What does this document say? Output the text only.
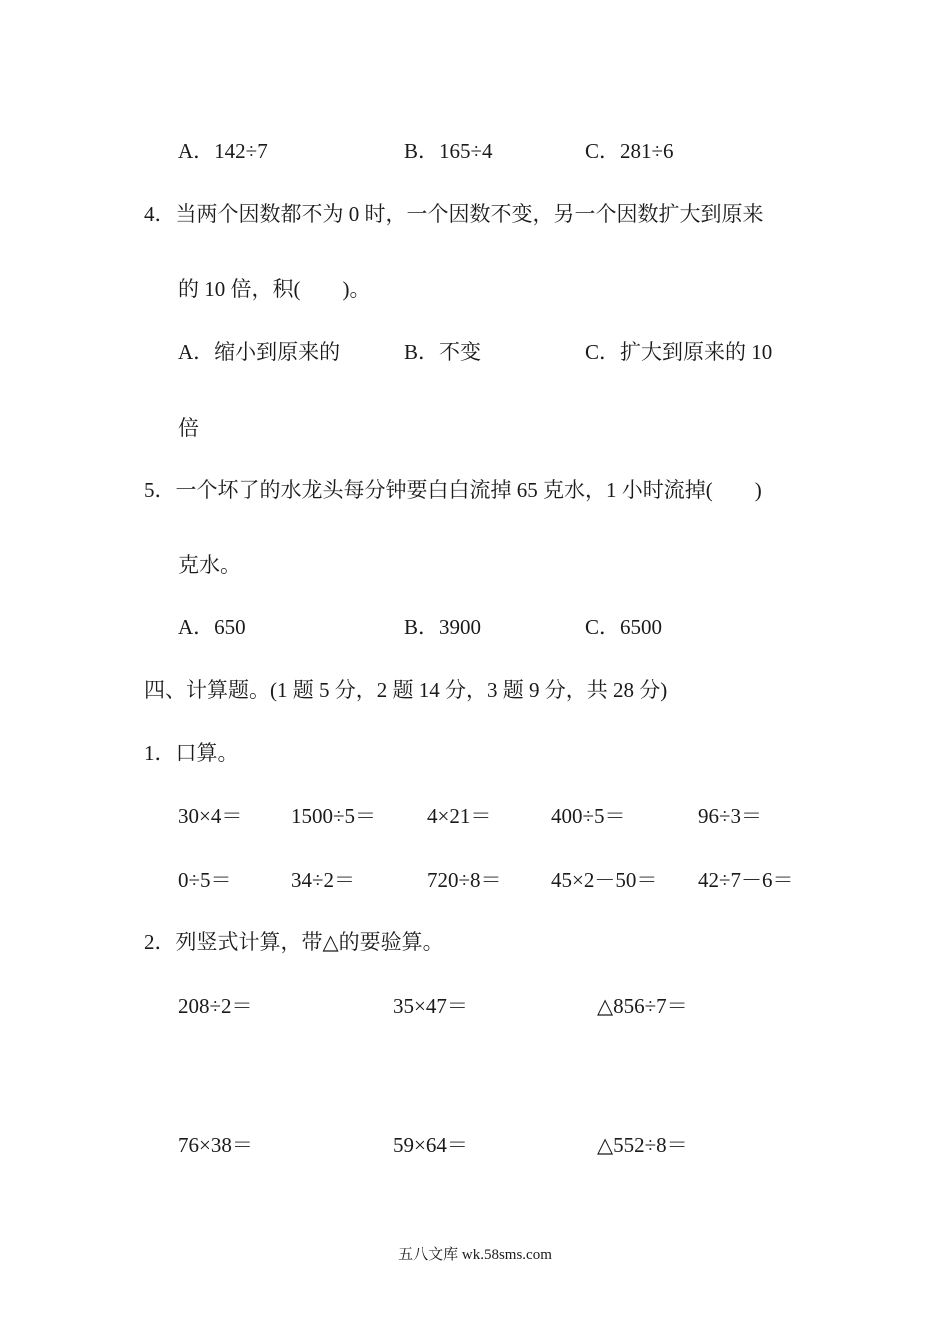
A．142÷7	B．165÷4	C．281÷6
4．当两个因数都不为 0 时，一个因数不变，另一个因数扩大到原来
的 10 倍，积(　　)。
A．缩小到原来的	B．不变	C．扩大到原来的 10
倍
5．一个坏了的水龙头每分钟要白白流掉 65 克水，1 小时流掉(　　)
克水。
A．650	B．3900	C．6500
四、计算题。(1 题 5 分，2 题 14 分，3 题 9 分，共 28 分)
1．口算。
30×4＝ 1500÷5＝ 4×21＝	400÷5＝	96÷3＝
0÷5＝	34÷2＝	720÷8＝ 45×2－50＝ 42÷7－6＝
2．列竖式计算，带△的要验算。
208÷2＝	35×47＝	△856÷7＝
76×38＝	59×64＝	△552÷8＝
五八文库 wk.58sms.com
